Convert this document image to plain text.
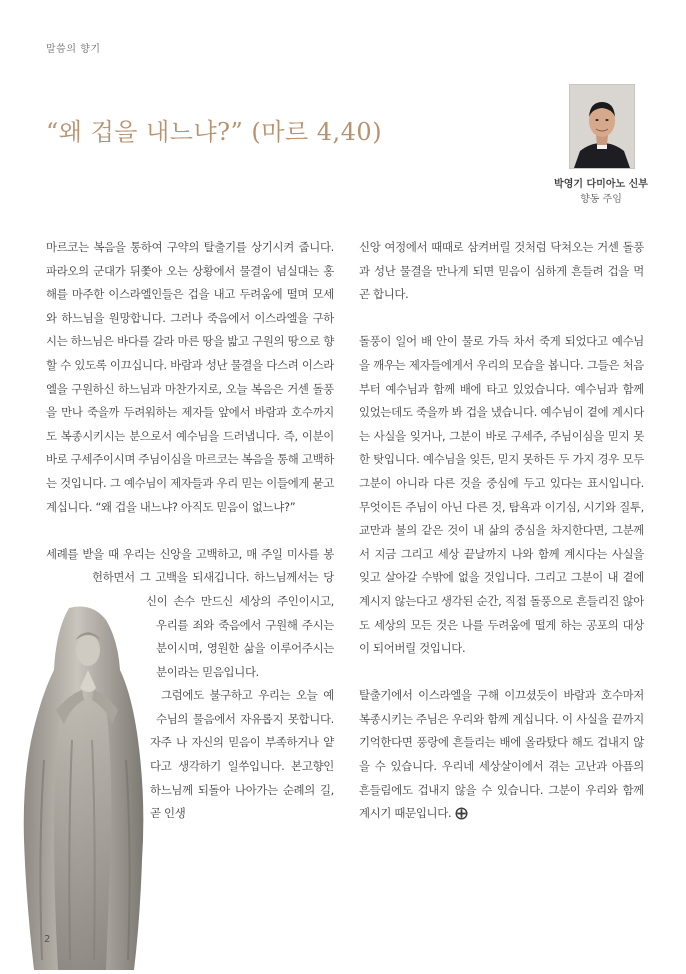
말씀의 향기
“왜 겁을 내느냐?” (마르 4,40)
박영기 다미아노 신부
향동 주임

마르코는 복음을 통하여 구약의 탈출기를 상기시켜 줍니다. 파라오의 군대가 뒤쫓아 오는 상황에서 물결이 넘실대는 홍해를 마주한 이스라엘인들은 겁을 내고 두려움에 떨며 모세와 하느님을 원망합니다. 그러나 죽음에서 이스라엘을 구하시는 하느님은 바다를 갈라 마른 땅을 밟고 구원의 땅으로 향할 수 있도록 이끄십니다. 바람과 성난 물결을 다스려 이스라엘을 구원하신 하느님과 마찬가지로, 오늘 복음은 거센 돌풍을 만나 죽을까 두려워하는 제자들 앞에서 바람과 호수까지도 복종시키시는 분으로서 예수님을 드러냅니다. 즉, 이분이 바로 구세주이시며 주님이심을 마르코는 복음을 통해 고백하는 것입니다. 그 예수님이 제자들과 우리 믿는 이들에게 묻고 계십니다. “왜 겁을 내느냐? 아직도 믿음이 없느냐?”

세례를 받을 때 우리는 신앙을 고백하고, 매 주일 미사를 봉헌하면서 그 고백을 되새깁니다. 하느님께서는 당신이 손수 만드신 세상의 주인이시고, 우리를 죄와 죽음에서 구원해 주시는 분이시며, 영원한 삶을 이루어주시는 분이라는 믿음입니다.

그럼에도 불구하고 우리는 오늘 예수님의 물음에서 자유롭지 못합니다. 자주 나 자신의 믿음이 부족하거나 얕다고 생각하기 일쑤입니다. 본고향인 하느님께 되돌아 나아가는 순례의 길, 곧 인생

신앙 여정에서 때때로 삼켜버릴 것처럼 닥쳐오는 거센 돌풍과 성난 물결을 만나게 되면 믿음이 심하게 흔들려 겁을 먹곤 합니다.

돌풍이 일어 배 안이 물로 가득 차서 죽게 되었다고 예수님을 깨우는 제자들에게서 우리의 모습을 봅니다. 그들은 처음부터 예수님과 함께 배에 타고 있었습니다. 예수님과 함께 있었는데도 죽을까 봐 겁을 냈습니다. 예수님이 곁에 계시다는 사실을 잊거나, 그분이 바로 구세주, 주님이심을 믿지 못한 탓입니다. 예수님을 잊든, 믿지 못하든 두 가지 경우 모두 그분이 아니라 다른 것을 중심에 두고 있다는 표시입니다. 무엇이든 주님이 아닌 다른 것, 탐욕과 이기심, 시기와 질투, 교만과 불의 같은 것이 내 삶의 중심을 차지한다면, 그분께서 지금 그리고 세상 끝날까지 나와 함께 계시다는 사실을 잊고 살아갈 수밖에 없을 것입니다. 그리고 그분이 내 곁에 계시지 않는다고 생각된 순간, 직접 돌풍으로 흔들리진 않아도 세상의 모든 것은 나를 두려움에 떨게 하는 공포의 대상이 되어버릴 것입니다.

탈출기에서 이스라엘을 구해 이끄셨듯이 바람과 호수마저 복종시키는 주님은 우리와 함께 계십니다. 이 사실을 끝까지 기억한다면 풍랑에 흔들리는 배에 올라탔다 해도 겁내지 않을 수 있습니다. 우리네 세상살이에서 겪는 고난과 아픔의 흔들림에도 겁내지 않을 수 있습니다. 그분이 우리와 함께 계시기 때문입니다.

2
